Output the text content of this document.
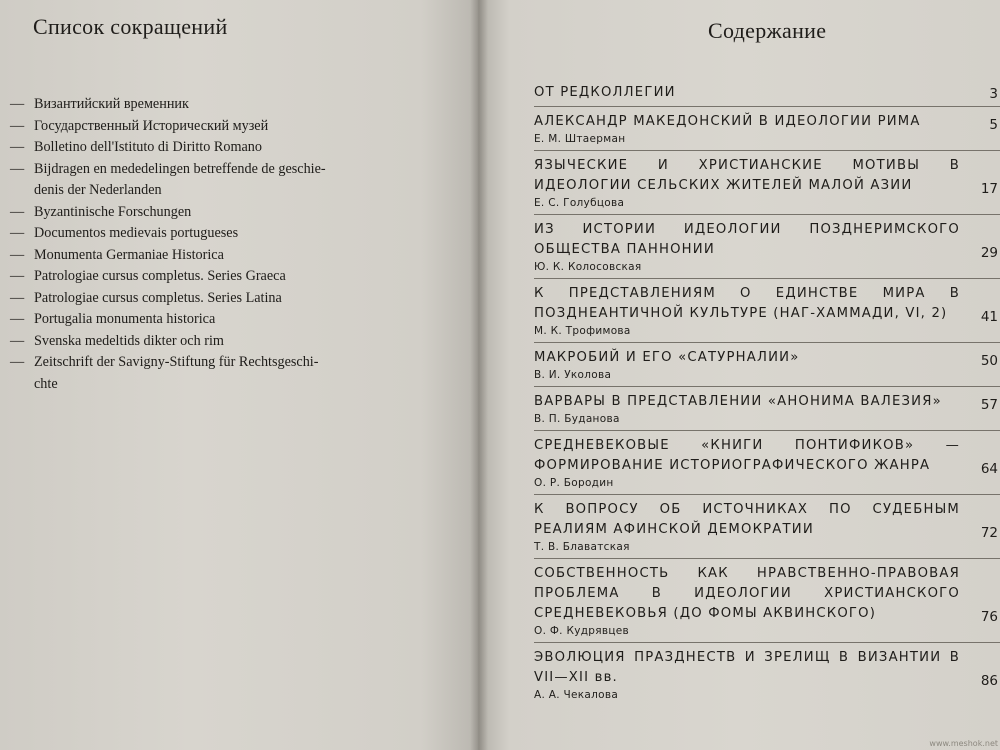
Список сокращений
— Византийский временник
— Государственный Исторический музей
— Bolletino dell'Istituto di Diritto Romano
— Bijdragen en mededelingen betreffende de geschie-
denis der Nederlanden
— Byzantinische Forschungen
— Documentos medievais portugueses
— Monumenta Germaniae Historica
— Patrologiae cursus completus. Series Graeca
— Patrologiae cursus completus. Series Latina
— Portugalia monumenta historica
— Svenska medeltids dikter och rim
— Zeitschrift der Savigny-Stiftung für Rechtsgeschi-
chte
Содержание
ОТ РЕДКОЛЛЕГИИ	3
АЛЕКСАНДР МАКЕДОНСКИЙ В ИДЕОЛОГИИ РИМА
Е. М. Штаерман
5
ЯЗЫЧЕСКИЕ И ХРИСТИАНСКИЕ МОТИВЫ В ИДЕОЛОГИИ СЕЛЬСКИХ ЖИТЕЛЕЙ МАЛОЙ АЗИИ
Е. С. Голубцова
17
ИЗ ИСТОРИИ ИДЕОЛОГИИ ПОЗДНЕРИМСКОГО ОБЩЕСТВА ПАННОНИИ
Ю. К. Колосовская
29
К ПРЕДСТАВЛЕНИЯМ О ЕДИНСТВЕ МИРА В ПОЗДНЕАНТИЧНОЙ КУЛЬТУРЕ (НАГ-ХАММАДИ, VI, 2)
М. К. Трофимова
41
МАКРОБИЙ И ЕГО «САТУРНАЛИИ»
В. И. Уколова
50
ВАРВАРЫ В ПРЕДСТАВЛЕНИИ «АНОНИМА ВАЛЕЗИЯ»
В. П. Буданова
57
СРЕДНЕВЕКОВЫЕ «КНИГИ ПОНТИФИКОВ» — ФОРМИРОВАНИЕ ИСТОРИОГРАФИЧЕСКОГО ЖАНРА
О. Р. Бородин
64
К ВОПРОСУ ОБ ИСТОЧНИКАХ ПО СУДЕБНЫМ РЕАЛИЯМ АФИНСКОЙ ДЕМОКРАТИИ
Т. В. Блаватская
72
СОБСТВЕННОСТЬ КАК НРАВСТВЕННО-ПРАВОВАЯ ПРОБЛЕМА В ИДЕОЛОГИИ ХРИСТИАНСКОГО СРЕДНЕВЕКОВЬЯ (ДО ФОМЫ АКВИНСКОГО)
О. Ф. Кудрявцев
76
ЭВОЛЮЦИЯ ПРАЗДНЕСТВ И ЗРЕЛИЩ В ВИЗАНТИИ В VII—XII вв.
А. А. Чекалова
86
www.meshok.net
